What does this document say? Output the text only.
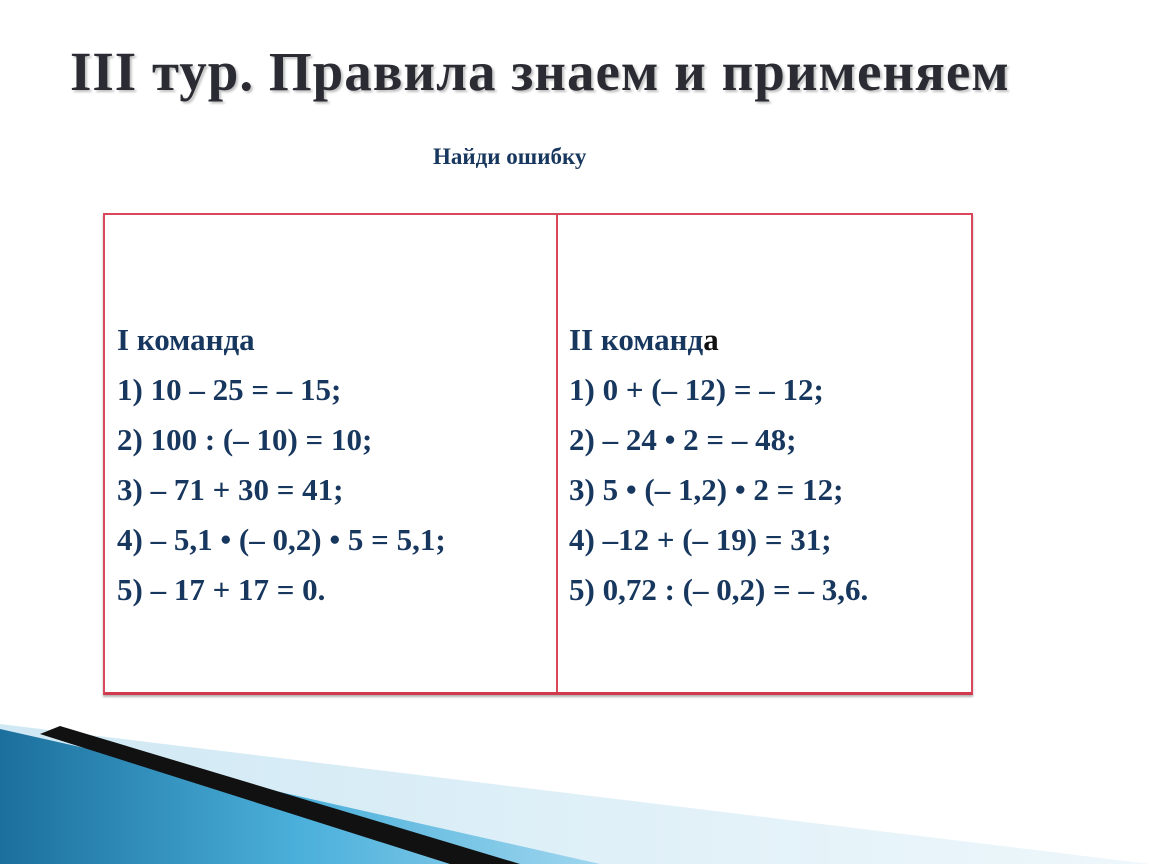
III тур. Правила знаем и применяем
Найди ошибку
I команда
1) 10 – 25 = – 15;
2) 100 : (– 10) = 10;
3) – 71 + 30 = 41;
4) – 5,1 • (– 0,2) • 5 = 5,1;
5) – 17 + 17 = 0.
II команда
1) 0 + (– 12) = – 12;
2) – 24 • 2 = – 48;
3) 5 • (– 1,2) • 2 = 12;
4) –12 + (– 19) = 31;
5) 0,72 : (– 0,2) = – 3,6.
